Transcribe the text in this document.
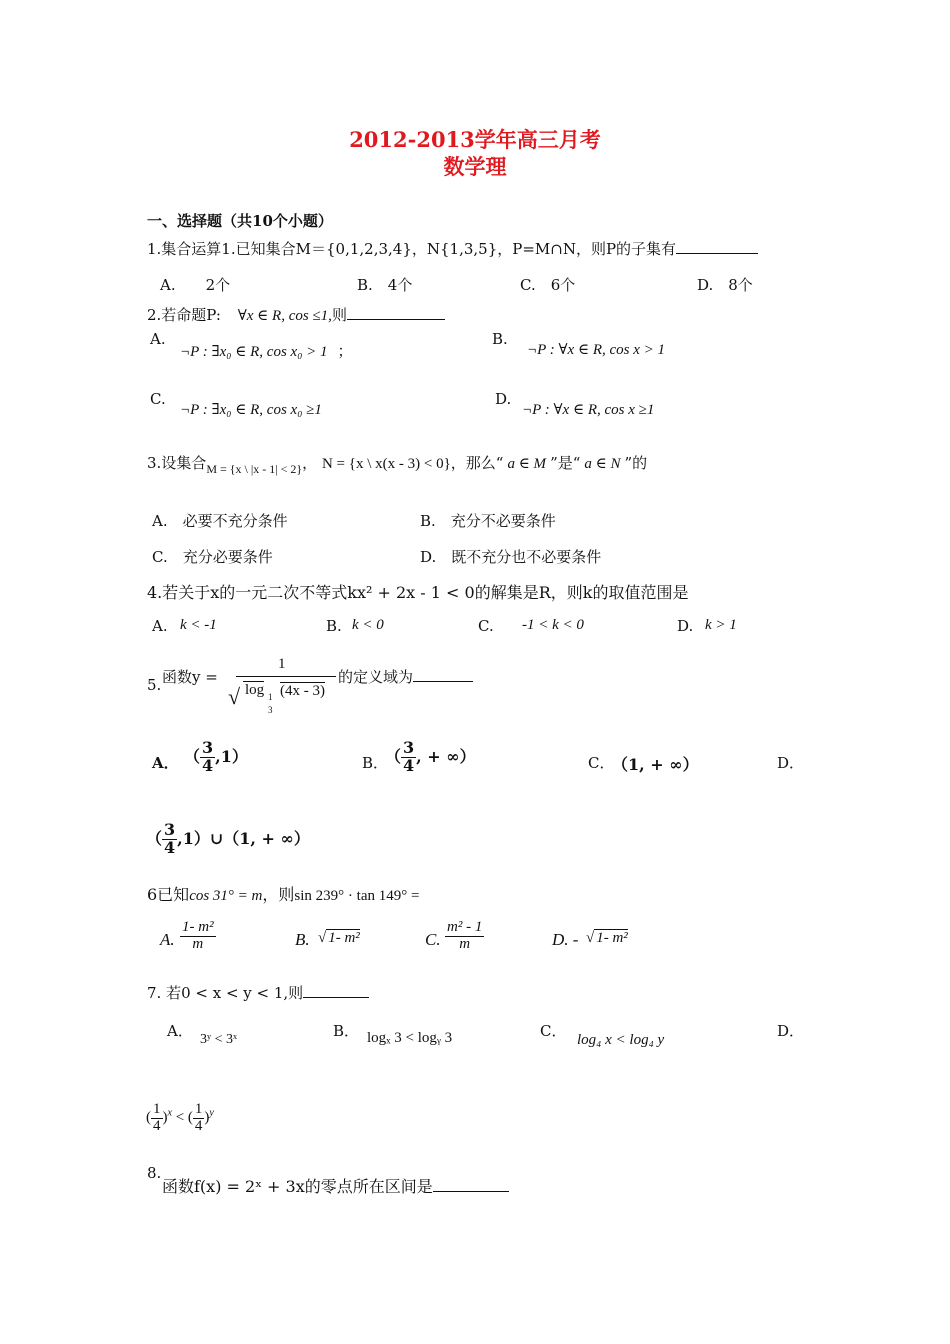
2012-2013学年高三月考
数学理
一、选择题（共10个小题）
1.集合运算1.已知集合M＝{0,1,2,3,4}，N{1,3,5}，P=M∩N，则P的子集有
A.　　2个	B.　4个	C.　6个	D.　8个
2.若命题P: ∀x ∈ R, cos ≤1,则
A.
¬P : ∃x₀ ∈ R, cos x₀ > 1 ；
B.
¬P : ∀x ∈ R, cos x > 1
C.
¬P : ∃x₀ ∈ R, cos x₀ ≥1
D.
¬P : ∀x ∈ R, cos x ≥1
3.设集合$_{M = \{x \backslash |x - 1| < 2\}}$， N = {x \ x(x - 3) < 0}，那么“ a ∈ M ”是“ a ∈ N ”的
A.　必要不充分条件	B.　充分不必要条件
C.　充分必要条件	D.　既不充分也不必要条件
4.若关于x的一元二次不等式kx² + 2x - 1 < 0的解集是R，则k的取值范围是
A. k < -1	B. k < 0	C. -1 < k < 0	D. k > 1
5. 函数y =
1
√ log 1
3
(4x - 3)
的定义域为
A． （ $\frac{3}{4} ,1$）	B．
（ $\frac{3}{4}$ , + ∞）	C．
（1, + ∞）	D．
（ $\frac{3}{4}$ ,1）∪（1, + ∞）
6已知cos 31° = m，则sin 239° · tan 149° =
A. $\frac{\text{1- m²}}{m}$	B. √ 1- m²	C. $\frac{\text{m² - 1}}{m}$	D. - √ 1- m²
7. 若0 < x < y < 1,则
A． 3ʸ < 3ˣ	B． logₓ 3 < logᵧ 3	C． log₄ x < log₄ y	D．
( $\frac{1}{4} )^x$ < ( $\frac{1}{4} )^y$
8.
函数f(x) = 2ˣ + 3x的零点所在区间是
